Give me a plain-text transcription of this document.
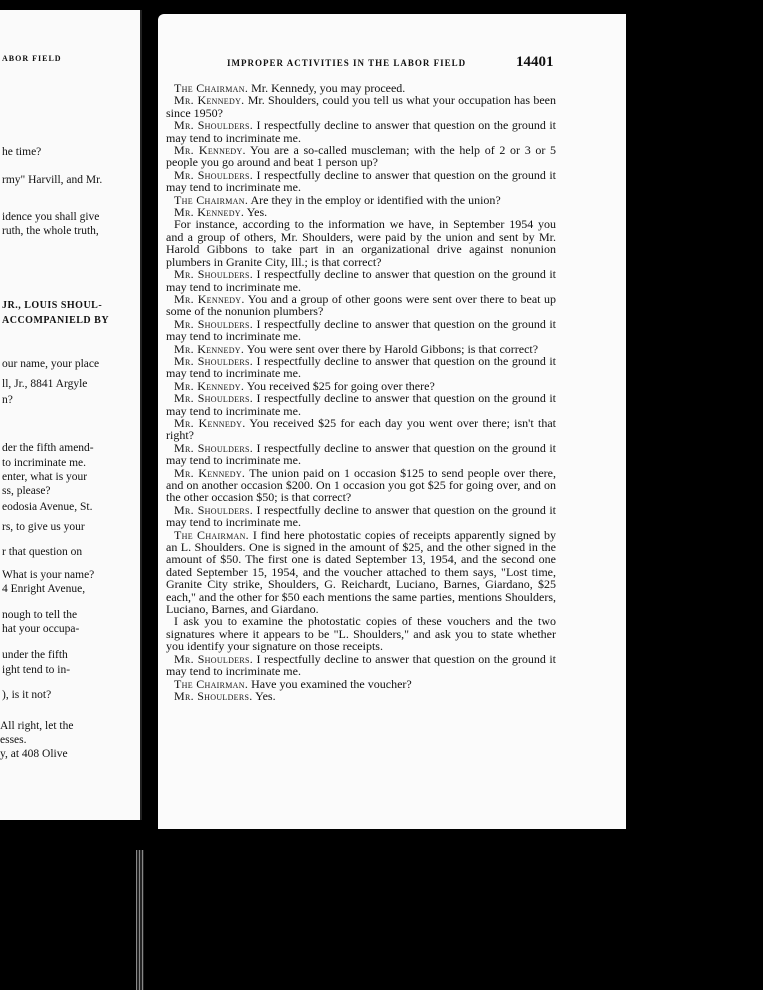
ABOR FIELD
he time?
rmy" Harvill, and Mr.
idence you shall give
ruth, the whole truth,
JR., LOUIS SHOUL-
ACCOMPANIELD BY
our name, your place
ll, Jr., 8841 Argyle
n?
der the fifth amend-
to incriminate me.
enter, what is your
ss, please?
eodosia Avenue, St.
rs, to give us your
r that question on
What is your name?
4 Enright Avenue,
nough to tell the
hat your occupa-
under the fifth
ight tend to in-
), is it not?
All right, let the
esses.
y, at 408 Olive
IMPROPER ACTIVITIES IN THE LABOR FIELD	14401

The Chairman. Mr. Kennedy, you may proceed.

Mr. Kennedy. Mr. Shoulders, could you tell us what your occupation has been since 1950?

Mr. Shoulders. I respectfully decline to answer that question on the ground it may tend to incriminate me.

Mr. Kennedy. You are a so-called muscleman; with the help of 2 or 3 or 5 people you go around and beat 1 person up?

Mr. Shoulders. I respectfully decline to answer that question on the ground it may tend to incriminate me.

The Chairman. Are they in the employ or identified with the union?

Mr. Kennedy. Yes.

For instance, according to the information we have, in September 1954 you and a group of others, Mr. Shoulders, were paid by the union and sent by Mr. Harold Gibbons to take part in an organizational drive against nonunion plumbers in Granite City, Ill.; is that correct?

Mr. Shoulders. I respectfully decline to answer that question on the ground it may tend to incriminate me.

Mr. Kennedy. You and a group of other goons were sent over there to beat up some of the nonunion plumbers?

Mr. Shoulders. I respectfully decline to answer that question on the ground it may tend to incriminate me.

Mr. Kennedy. You were sent over there by Harold Gibbons; is that correct?

Mr. Shoulders. I respectfully decline to answer that question on the ground it may tend to incriminate me.

Mr. Kennedy. You received $25 for going over there?

Mr. Shoulders. I respectfully decline to answer that question on the ground it may tend to incriminate me.

Mr. Kennedy. You received $25 for each day you went over there; isn't that right?

Mr. Shoulders. I respectfully decline to answer that question on the ground it may tend to incriminate me.

Mr. Kennedy. The union paid on 1 occasion $125 to send people over there, and on another occasion $200. On 1 occasion you got $25 for going over, and on the other occasion $50; is that correct?

Mr. Shoulders. I respectfully decline to answer that question on the ground it may tend to incriminate me.

The Chairman. I find here photostatic copies of receipts apparently signed by an L. Shoulders. One is signed in the amount of $25, and the other signed in the amount of $50. The first one is dated September 13, 1954, and the second one dated September 15, 1954, and the voucher attached to them says, "Lost time, Granite City strike, Shoulders, G. Reichardt, Luciano, Barnes, Giardano, $25 each," and the other for $50 each mentions the same parties, mentions Shoulders, Luciano, Barnes, and Giardano.

I ask you to examine the photostatic copies of these vouchers and the two signatures where it appears to be "L. Shoulders," and ask you to state whether you identify your signature on those receipts.

Mr. Shoulders. I respectfully decline to answer that question on the ground it may tend to incriminate me.

The Chairman. Have you examined the voucher?

Mr. Shoulders. Yes.
